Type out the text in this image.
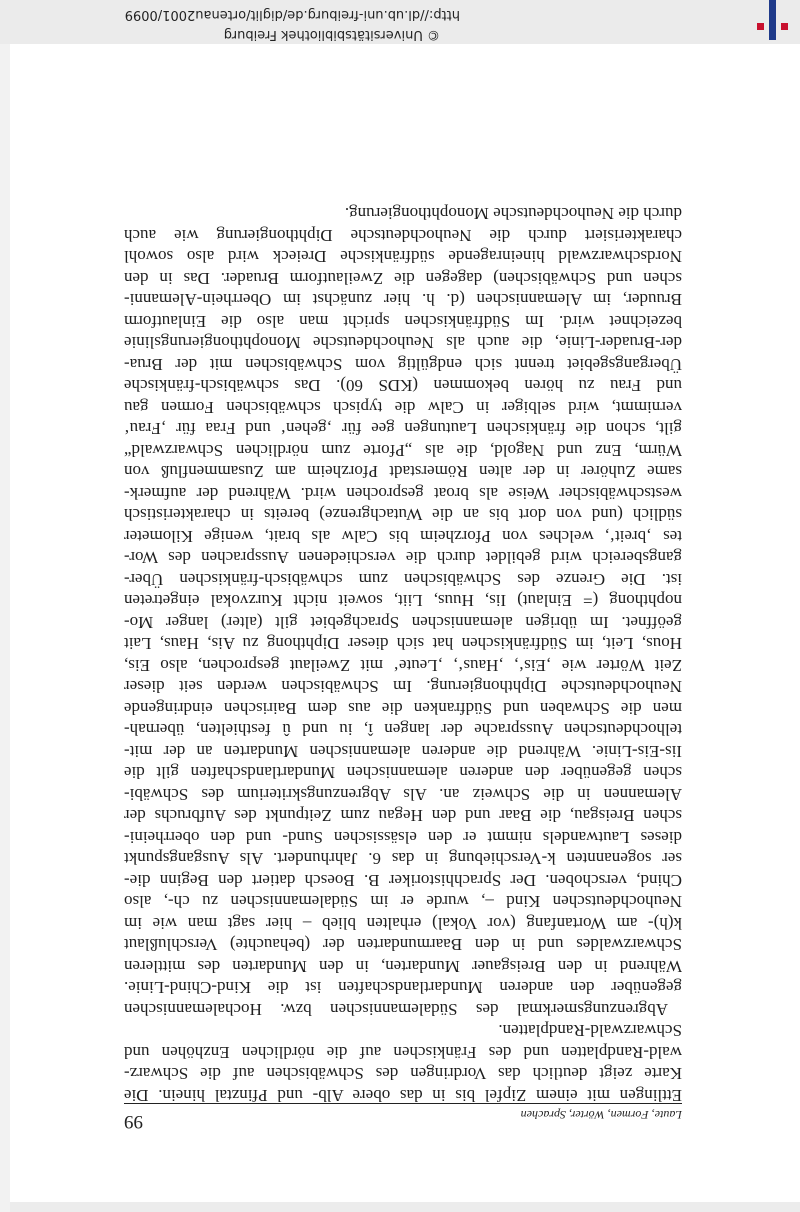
© Universitätsbibliothek Freiburg
http://dl.ub.uni-freiburg.de/diglit/ortenau2001/0099
Laute, Formen, Wörter, Sprachen
99
Ettlingen mit einem Zipfel bis in das obere Alb- und Pfinztal hinein. Die
Karte zeigt deutlich das Vordringen des Schwäbischen auf die Schwarz-
wald-Randplatten und des Fränkischen auf die nördlichen Enzhöhen und
Schwarzwald-Randplatten.
Abgrenzungsmerkmal des Südalemannischen bzw. Hochalemannischen
gegenüber den anderen Mundartlandschaften ist die Kind-Chind-Linie.
Während in den Breisgauer Mundarten, in den Mundarten des mittleren
Schwarzwaldes und in den Baarmundarten der (behauchte) Verschlußlaut
k(h)- am Wortanfang (vor Vokal) erhalten blieb – hier sagt man wie im
Neuhochdeutschen Kind –, wurde er im Südalemannischen zu ch-, also
Chind, verschoben. Der Sprachhistoriker B. Boesch datiert den Beginn die-
ser sogenannten k-Verschiebung in das 6. Jahrhundert. Als Ausgangspunkt
dieses Lautwandels nimmt er den elsässischen Sund- und den oberrheini-
schen Breisgau, die Baar und den Hegau zum Zeitpunkt des Aufbruchs der
Alemannen in die Schweiz an. Als Abgrenzungskriterium des Schwäbi-
schen gegenüber den anderen alemannischen Mundartlandschaften gilt die
Iis-Eis-Linie. Während die anderen alemannischen Mundarten an der mit-
telhochdeutschen Aussprache der langen î, iu und û festhielten, übernah-
men die Schwaben und Südfranken die aus dem Bairischen eindringende
Neuhochdeutsche Diphthongierung. Im Schwäbischen werden seit dieser
Zeit Wörter wie ‚Eis‘, ‚Haus‘, ‚Leute‘ mit Zweilaut gesprochen, also Eis,
Hous, Leit, im Südfränkischen hat sich dieser Diphthong zu Ais, Haus, Lait
geöffnet. Im übrigen alemannischen Sprachgebiet gilt (alter) langer Mo-
nophthong (= Einlaut) Iis, Huus, Liit, soweit nicht Kurzvokal eingetreten
ist. Die Grenze des Schwäbischen zum schwäbisch-fränkischen Über-
gangsbereich wird gebildet durch die verschiedenen Aussprachen des Wor-
tes ‚breit‘, welches von Pforzheim bis Calw als brait, wenige Kilometer
südlich (und von dort bis an die Wutachgrenze) bereits in charakteristisch
westschwäbischer Weise als broat gesprochen wird. Während der aufmerk-
same Zuhörer in der alten Römerstadt Pforzheim am Zusammenfluß von
Würm, Enz und Nagold, die als „Pforte zum nördlichen Schwarzwald“
gilt, schon die fränkischen Lautungen gee für ‚gehen‘ und Fraa für ‚Frau‘
vernimmt, wird selbiger in Calw die typisch schwäbischen Formen gau
und Frau zu hören bekommen (KDS 60). Das schwäbisch-fränkische
Übergangsgebiet trennt sich endgültig vom Schwäbischen mit der Brua-
der-Bruader-Linie, die auch als Neuhochdeutsche Monophthongierungslinie
bezeichnet wird. Im Südfränkischen spricht man also die Einlautform
Bruuder, im Alemannischen (d. h. hier zunächst im Oberrhein-Alemanni-
schen und Schwäbischen) dagegen die Zweilautform Bruader. Das in den
Nordschwarzwald hineinragende südfränkische Dreieck wird also sowohl
charakterisiert durch die Neuhochdeutsche Diphthongierung wie auch
durch die Neuhochdeutsche Monophthongierung.
